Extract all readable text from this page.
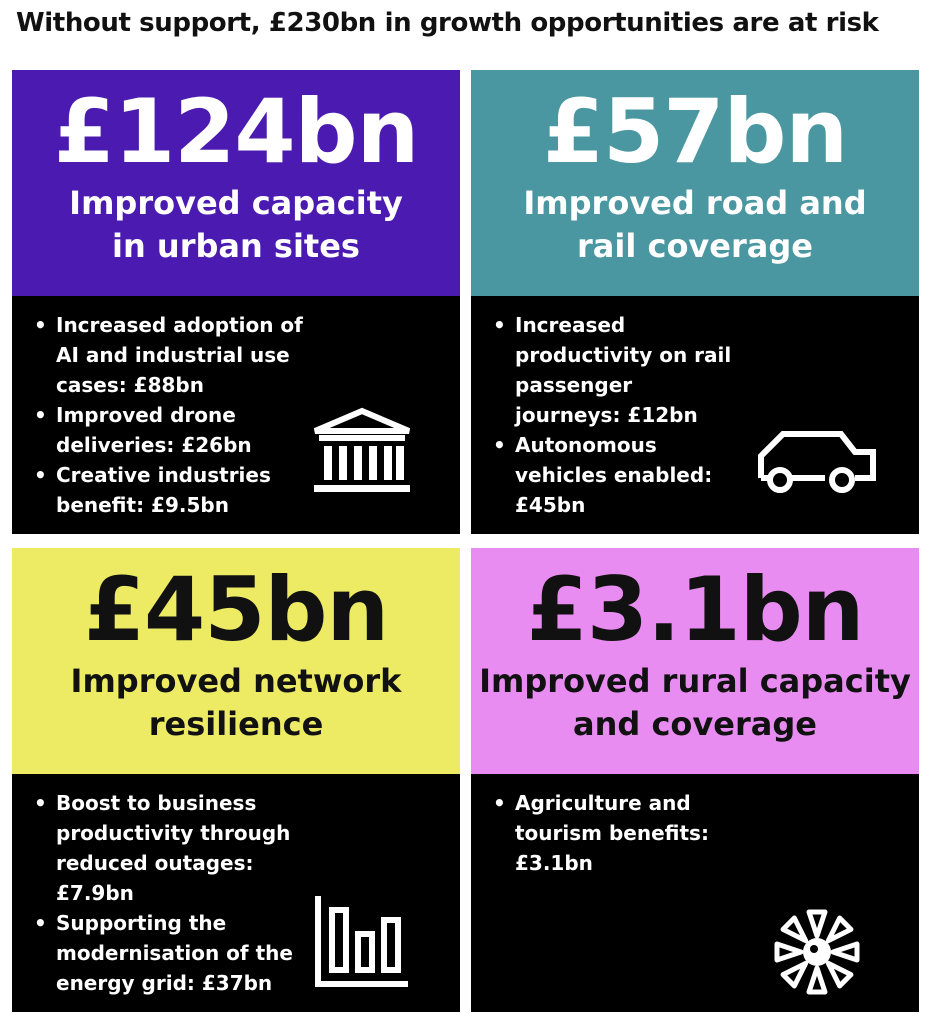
Without support, £230bn in growth opportunities are at risk
£124bn
Improved capacity in urban sites
• Increased adoption of AI and industrial use cases: £88bn
• Improved drone deliveries: £26bn
• Creative industries benefit: £9.5bn
£57bn
Improved road and rail coverage
• Increased productivity on rail passenger journeys: £12bn
• Autonomous vehicles enabled: £45bn
£45bn
Improved network resilience
• Boost to business productivity through reduced outages: £7.9bn
• Supporting the modernisation of the energy grid: £37bn
£3.1bn
Improved rural capacity and coverage
• Agriculture and tourism benefits: £3.1bn
